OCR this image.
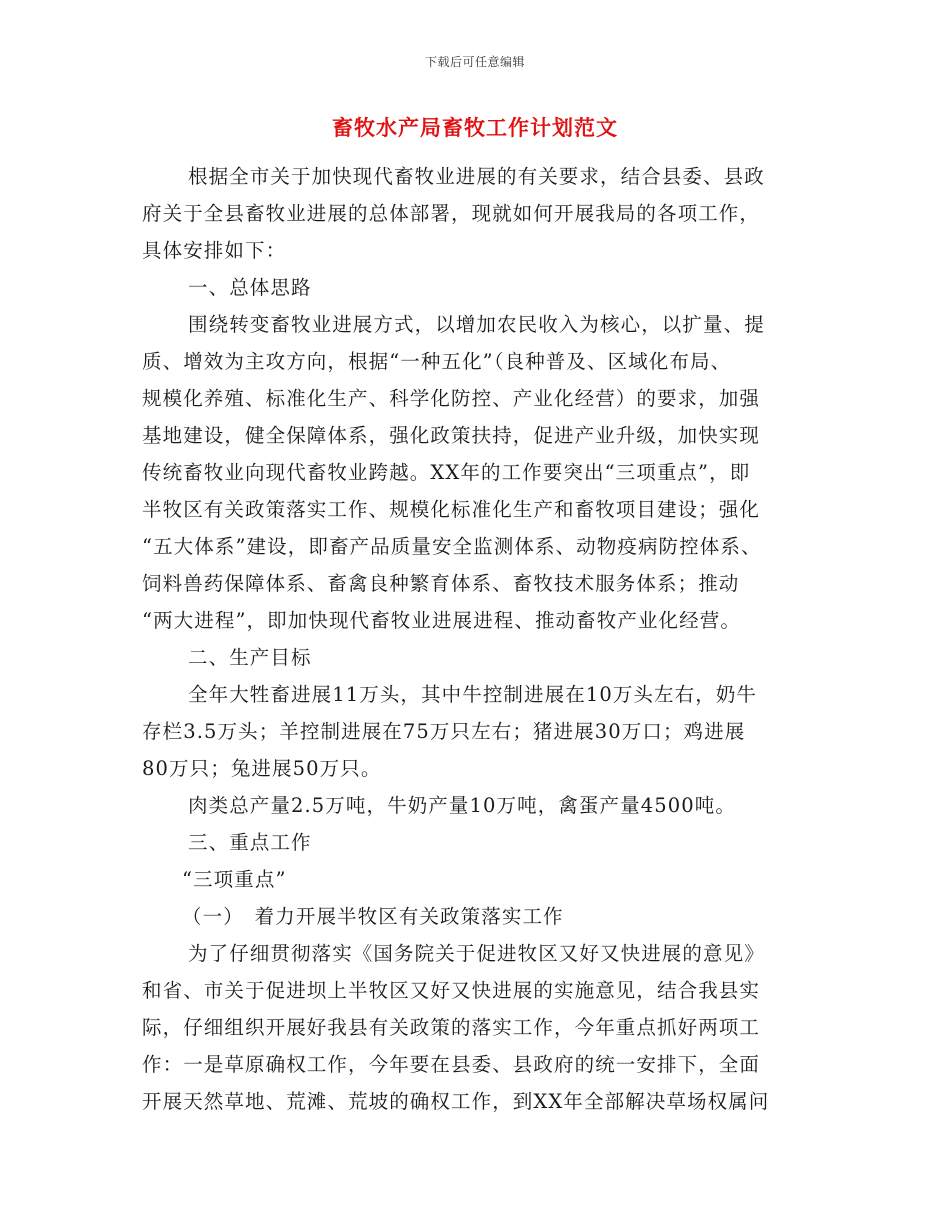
下载后可任意编辑
畜牧水产局畜牧工作计划范文
根据全市关于加快现代畜牧业进展的有关要求，结合县委、县政
府关于全县畜牧业进展的总体部署，现就如何开展我局的各项工作，
具体安排如下：
一、总体思路
围绕转变畜牧业进展方式，以增加农民收入为核心，以扩量、提
质、增效为主攻方向，根据“一种五化”（良种普及、区域化布局、
规模化养殖、标准化生产、科学化防控、产业化经营）的要求，加强
基地建设，健全保障体系，强化政策扶持，促进产业升级，加快实现
传统畜牧业向现代畜牧业跨越。XX年的工作要突出“三项重点”，即
半牧区有关政策落实工作、规模化标准化生产和畜牧项目建设；强化
“五大体系”建设，即畜产品质量安全监测体系、动物疫病防控体系、
饲料兽药保障体系、畜禽良种繁育体系、畜牧技术服务体系；推动
“两大进程”，即加快现代畜牧业进展进程、推动畜牧产业化经营。
二、生产目标
全年大牲畜进展11万头，其中牛控制进展在10万头左右，奶牛
存栏3.5万头；羊控制进展在75万只左右；猪进展30万口；鸡进展
80万只；兔进展50万只。
肉类总产量2.5万吨，牛奶产量10万吨，禽蛋产量4500吨。
三、重点工作
“三项重点”
（一）　着力开展半牧区有关政策落实工作
为了仔细贯彻落实《国务院关于促进牧区又好又快进展的意见》
和省、市关于促进坝上半牧区又好又快进展的实施意见，结合我县实
际，仔细组织开展好我县有关政策的落实工作，今年重点抓好两项工
作：一是草原确权工作，今年要在县委、县政府的统一安排下，全面
开展天然草地、荒滩、荒坡的确权工作，到XX年全部解决草场权属问
